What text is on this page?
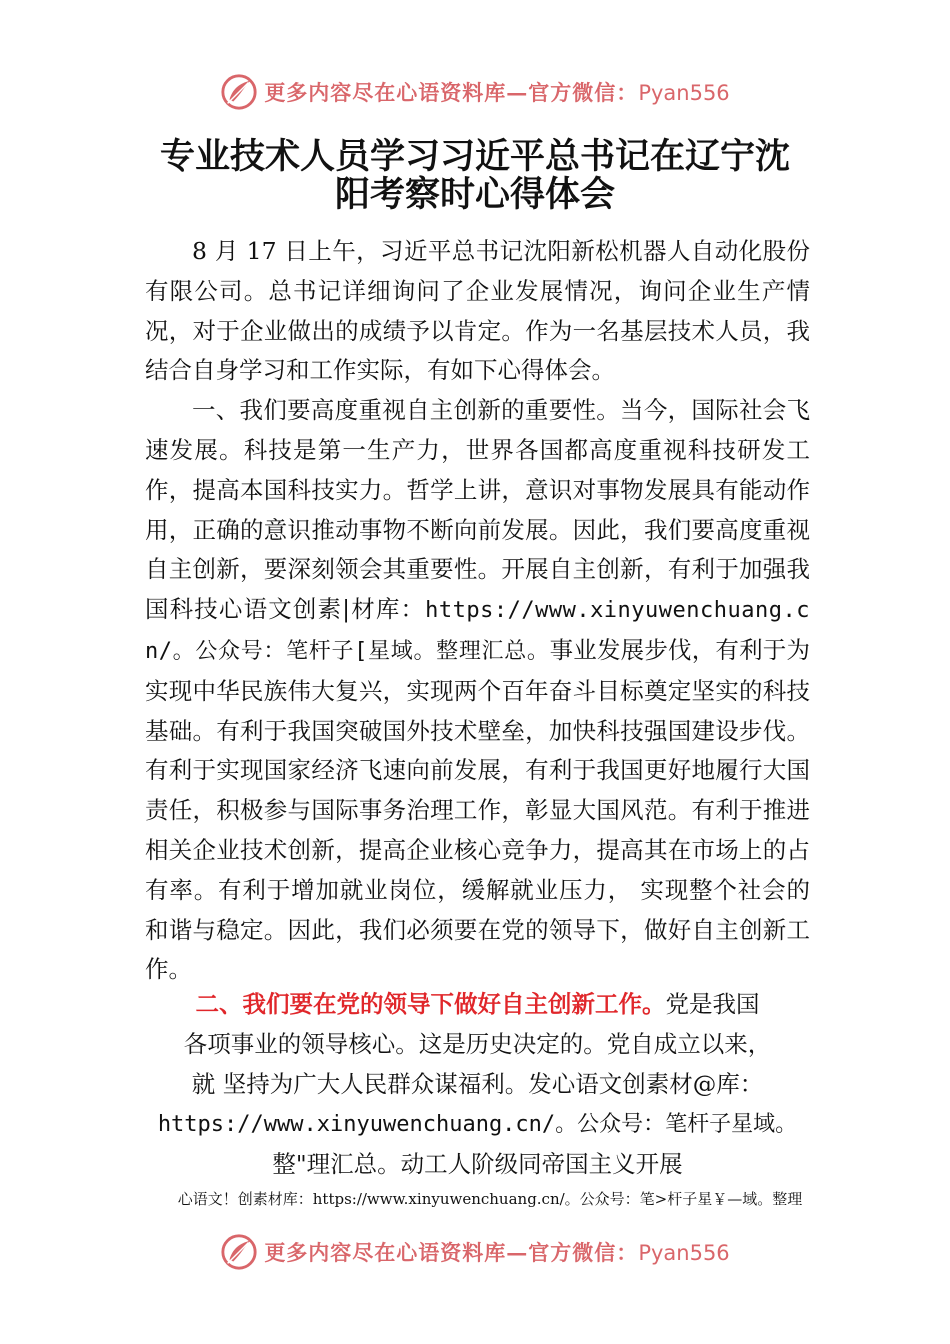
更多内容尽在心语资料库—官方微信：Pyan556
专业技术人员学习习近平总书记在辽宁沈
阳考察时心得体会

8 月 17 日上午，习近平总书记沈阳新松机器人自动化股份有限公司。总书记详细询问了企业发展情况，询问企业生产情况，对于企业做出的成绩予以肯定。作为一名基层技术人员，我结合自身学习和工作实际，有如下心得体会。

一、我们要高度重视自主创新的重要性。当今，国际社会飞速发展。科技是第一生产力，世界各国都高度重视科技研发工作，提高本国科技实力。哲学上讲，意识对事物发展具有能动作用，正确的意识推动事物不断向前发展。因此，我们要高度重视自主创新，要深刻领会其重要性。开展自主创新，有利于加强我国科技心语文创素|材库：https://www.xinyuwenchuang.cn/。公众号：笔杆子[星域。整理汇总。事业发展步伐，有利于为实现中华民族伟大复兴，实现两个百年奋斗目标奠定坚实的科技基础。有利于我国突破国外技术壁垒，加快科技强国建设步伐。有利于实现国家经济飞速向前发展，有利于我国更好地履行大国责任，积极参与国际事务治理工作，彰显大国风范。有利于推进相关企业技术创新，提高企业核心竞争力，提高其在市场上的占有率。有利于增加就业岗位，缓解就业压力， 实现整个社会的和谐与稳定。因此，我们必须要在党的领导下，做好自主创新工作。

二、我们要在党的领导下做好自主创新工作。党是我国
各项事业的领导核心。这是历史决定的。党自成立以来，
就 坚持为广大人民群众谋福利。发心语文创素材@库：
https://www.xinyuwenchuang.cn/。公众号：笔杆子星域。
整"理汇总。动工人阶级同帝国主义开展
心语文！创素材库：https://www.xinyuwenchuang.cn/。公众号：笔>杆子星￥—域。整理
更多内容尽在心语资料库—官方微信：Pyan556
